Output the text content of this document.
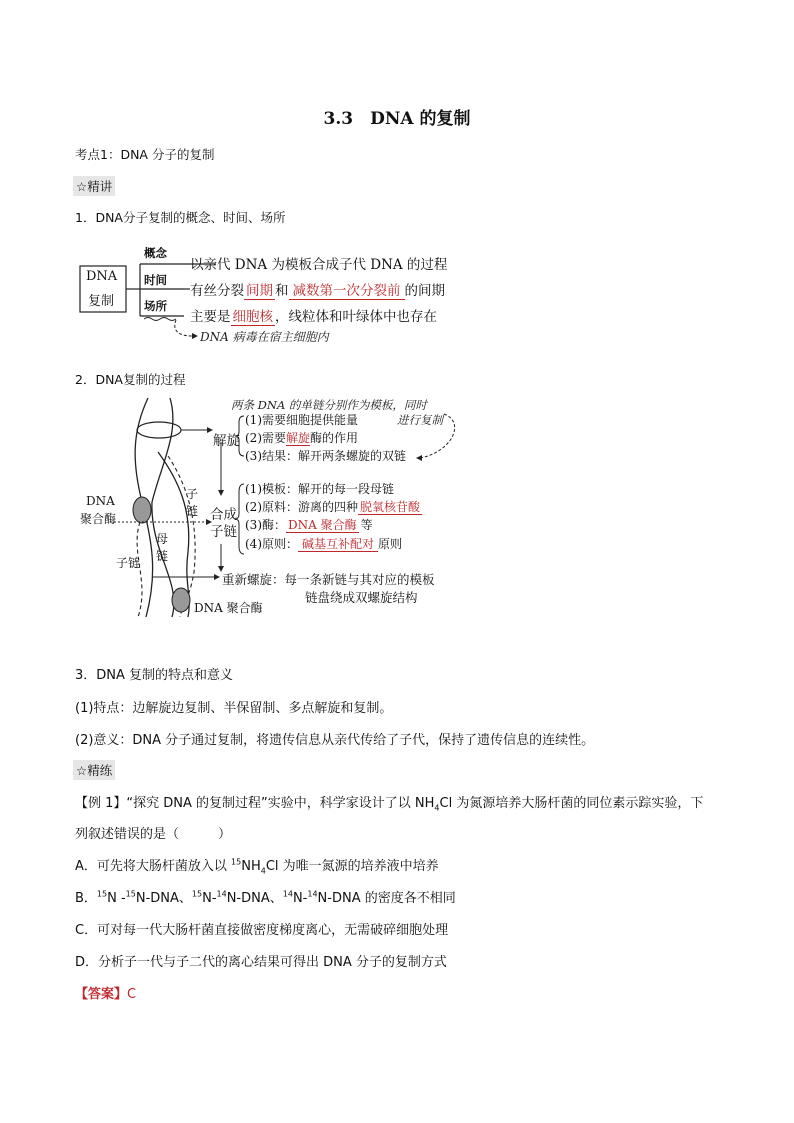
3.3　DNA 的复制
考点1：DNA 分子的复制
☆精讲
1．DNA分子复制的概念、时间、场所
DNA
复制
概念
时间
场所
以亲代 DNA 为模板合成子代 DNA 的过程
有丝分裂 间期 和 减数第一次分裂前 的间期
主要是 细胞核 ，线粒体和叶绿体中也存在
DNA 病毒在宿主细胞内
2．DNA复制的过程
两条 DNA 的单链分别作为模板，同时
进行复制
解旋
(1)需要细胞提供能量
(2)需要解旋酶的作用
(3)结果：解开两条螺旋的双链
合成
子链
(1)模板：解开的每一段母链
(2)原料：游离的四种 脱氧核苷酸
(3)酶： DNA 聚合酶 等
(4)原则： 碱基互补配对 原则
重新螺旋：每一条新链与其对应的模板
链盘绕成双螺旋结构
DNA
聚合酶
子
链
母
链
子链
DNA 聚合酶
3．DNA 复制的特点和意义
(1)特点：边解旋边复制、半保留制、多点解旋和复制。
(2)意义：DNA 分子通过复制，将遗传信息从亲代传给了子代，保持了遗传信息的连续性。
☆精练
【例 1】“探究 DNA 的复制过程”实验中，科学家设计了以 $NH_4Cl$ 为氮源培养大肠杆菌的同位素示踪实验，下
列叙述错误的是（　　　）
A．可先将大肠杆菌放入以 $^{15}NH_4Cl$ 为唯一氮源的培养液中培养
B．$^{15}$N -$^{15}$N-DNA、$^{15}$N-$^{14}$N-DNA、$^{14}$N-$^{14}$N-DNA 的密度各不相同
C．可对每一代大肠杆菌直接做密度梯度离心，无需破碎细胞处理
D．分析子一代与子二代的离心结果可得出 DNA 分子的复制方式
【答案】C
